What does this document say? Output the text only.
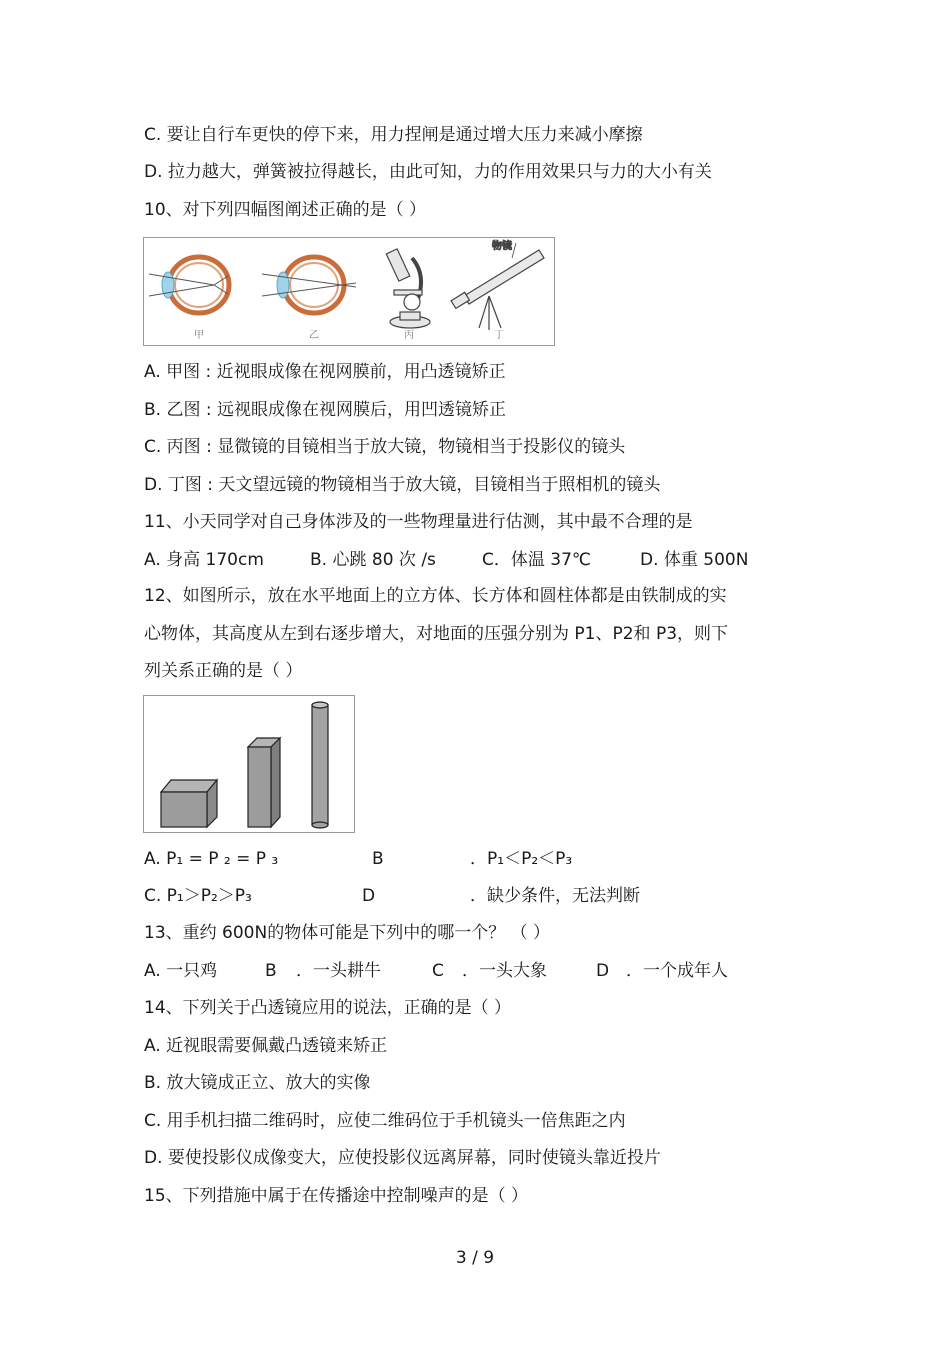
C. 要让自行车更快的停下来，用力捏闸是通过增大压力来减小摩擦
D. 拉力越大，弹簧被拉得越长，由此可知，力的作用效果只与力的大小有关
10、对下列四幅图阐述正确的是（ ）
物镜
甲	乙	丙	丁
A. 甲图 : 近视眼成像在视网膜前，用凸透镜矫正
B. 乙图 : 远视眼成像在视网膜后，用凹透镜矫正
C. 丙图 : 显微镜的目镜相当于放大镜，物镜相当于投影仪的镜头
D. 丁图 : 天文望远镜的物镜相当于放大镜，目镜相当于照相机的镜头
11、小天同学对自己身体涉及的一些物理量进行估测，其中最不合理的是
A. 身高 170cm	B. 心跳 80 次 /s	C．体温 37℃	D. 体重 500N
12、如图所示，放在水平地面上的立方体、长方体和圆柱体都是由铁制成的实
心物体，其高度从左到右逐步增大，对地面的压强分别为 P1、P2和 P3，则下
列关系正确的是（ ）
A. P₁ = P ₂ = P ₃	B	．P₁＜P₂＜P₃
C. P₁＞P₂＞P₃	D	．缺少条件，无法判断
13、重约 600N的物体可能是下列中的哪一个？ （ ）
A. 一只鸡	B ．一头耕牛	C ．一头大象	D ．一个成年人
14、下列关于凸透镜应用的说法，正确的是（ ）
A. 近视眼需要佩戴凸透镜来矫正
B. 放大镜成正立、放大的实像
C. 用手机扫描二维码时，应使二维码位于手机镜头一倍焦距之内
D. 要使投影仪成像变大，应使投影仪远离屏幕，同时使镜头靠近投片
15、下列措施中属于在传播途中控制噪声的是（ ）
3 / 9
